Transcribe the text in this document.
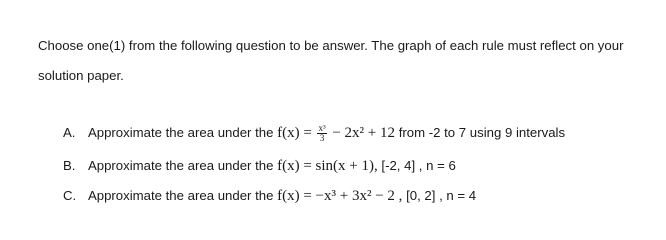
Choose one(1) from the following question to be answer. The graph of each rule must reflect on your solution paper.
A. Approximate the area under the $f(x) = \frac{\text{x³}}{3} - 2x^2 + 12$ from -2 to 7 using 9 intervals
B. Approximate the area under the f(x) = sin(x + 1), [-2, 4] , n = 6
C. Approximate the area under the f(x) = −x³ + 3x² − 2 , [0, 2] , n = 4
